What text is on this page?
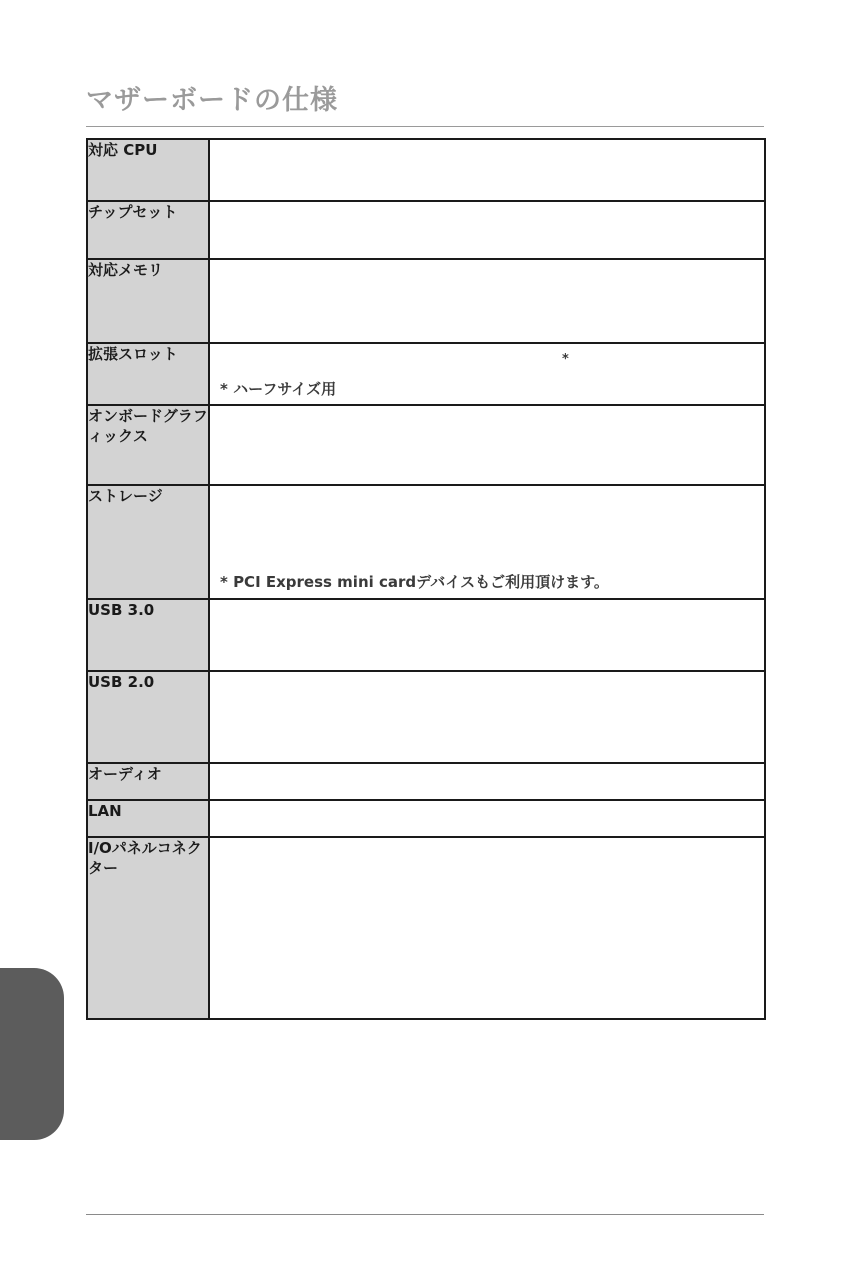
マザーボードの仕様
対応 CPU	
チップセット	
対応メモリ	
拡張スロット	*
* ハーフサイズ用

オンボードグラフィックス	
ストレージ	* PCI Express mini cardデバイスもご利用頂けます。

USB 3.0	
USB 2.0	
オーディオ	
LAN	
I/Oパネルコネクター	
